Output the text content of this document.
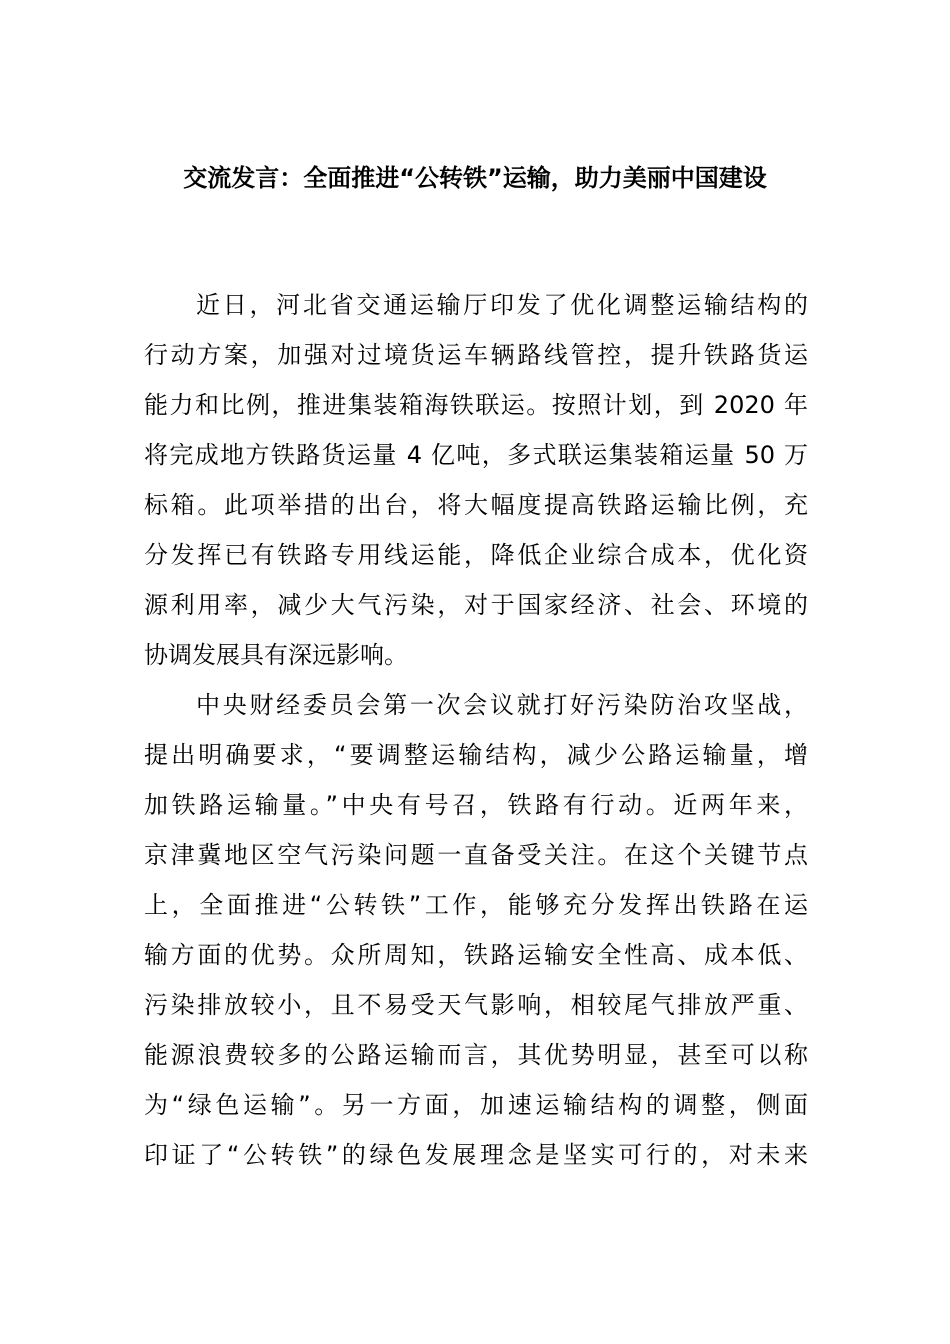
交流发言：全面推进“公转铁”运输，助力美丽中国建设
近日，河北省交通运输厅印发了优化调整运输结构的
行动方案，加强对过境货运车辆路线管控，提升铁路货运
能力和比例，推进集装箱海铁联运。按照计划，到 2020 年
将完成地方铁路货运量 4 亿吨，多式联运集装箱运量 50 万
标箱。此项举措的出台，将大幅度提高铁路运输比例，充
分发挥已有铁路专用线运能，降低企业综合成本，优化资
源利用率，减少大气污染，对于国家经济、社会、环境的
协调发展具有深远影响。
中央财经委员会第一次会议就打好污染防治攻坚战，
提出明确要求，“要调整运输结构，减少公路运输量，增
加铁路运输量。”中央有号召，铁路有行动。近两年来，
京津冀地区空气污染问题一直备受关注。在这个关键节点
上，全面推进“公转铁”工作，能够充分发挥出铁路在运
输方面的优势。众所周知，铁路运输安全性高、成本低、
污染排放较小，且不易受天气影响，相较尾气排放严重、
能源浪费较多的公路运输而言，其优势明显，甚至可以称
为“绿色运输”。另一方面，加速运输结构的调整，侧面
印证了“公转铁”的绿色发展理念是坚实可行的，对未来
